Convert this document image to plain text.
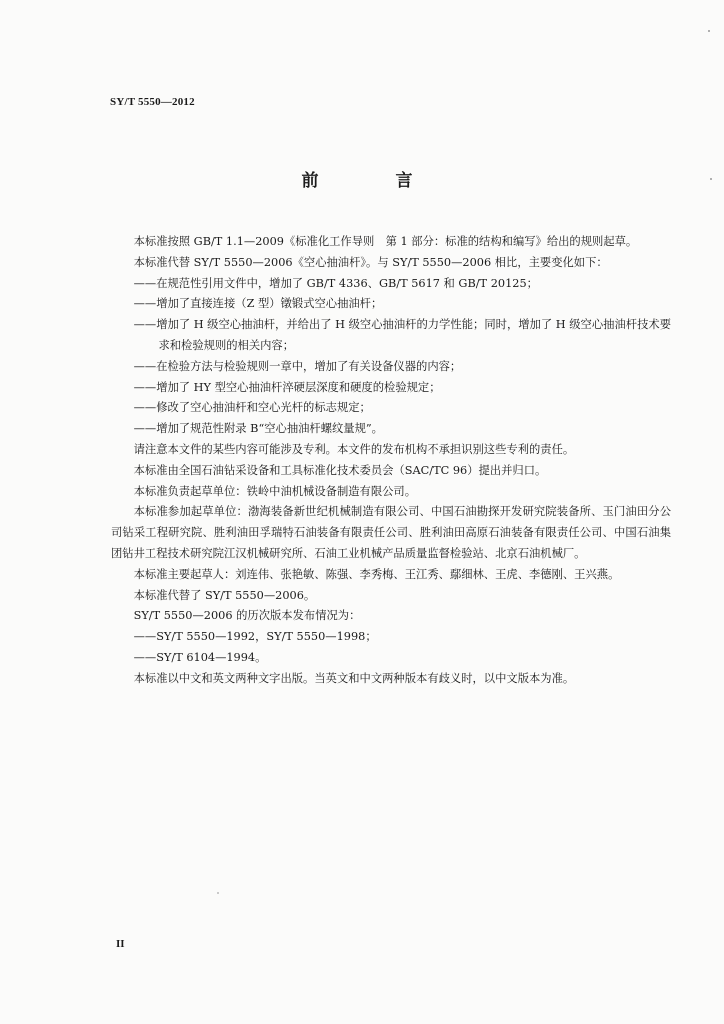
SY/T 5550—2012
前　言

本标准按照 GB/T 1.1—2009《标准化工作导则　第 1 部分：标准的结构和编写》给出的规则起草。

本标准代替 SY/T 5550—2006《空心抽油杆》。与 SY/T 5550—2006 相比，主要变化如下：

——在规范性引用文件中，增加了 GB/T 4336、GB/T 5617 和 GB/T 20125；

——增加了直接连接（Z 型）镦锻式空心抽油杆；

——增加了 H 级空心抽油杆，并给出了 H 级空心抽油杆的力学性能；同时，增加了 H 级空心抽油杆技术要求和检验规则的相关内容；

——在检验方法与检验规则一章中，增加了有关设备仪器的内容；

——增加了 HY 型空心抽油杆淬硬层深度和硬度的检验规定；

——修改了空心抽油杆和空心光杆的标志规定；

——增加了规范性附录 B“空心抽油杆螺纹量规”。

请注意本文件的某些内容可能涉及专利。本文件的发布机构不承担识别这些专利的责任。

本标准由全国石油钻采设备和工具标准化技术委员会（SAC/TC 96）提出并归口。

本标准负责起草单位：铁岭中油机械设备制造有限公司。

本标准参加起草单位：渤海装备新世纪机械制造有限公司、中国石油勘探开发研究院装备所、玉门油田分公司钻采工程研究院、胜利油田孚瑞特石油装备有限责任公司、胜利油田高原石油装备有限责任公司、中国石油集团钻井工程技术研究院江汉机械研究所、石油工业机械产品质量监督检验站、北京石油机械厂。

本标准主要起草人：刘连伟、张艳敏、陈强、李秀梅、王江秀、鄢细林、王虎、李德刚、王兴燕。

本标准代替了 SY/T 5550—2006。

SY/T 5550—2006 的历次版本发布情况为：

——SY/T 5550—1992，SY/T 5550—1998；

——SY/T 6104—1994。

本标准以中文和英文两种文字出版。当英文和中文两种版本有歧义时，以中文版本为准。

II
